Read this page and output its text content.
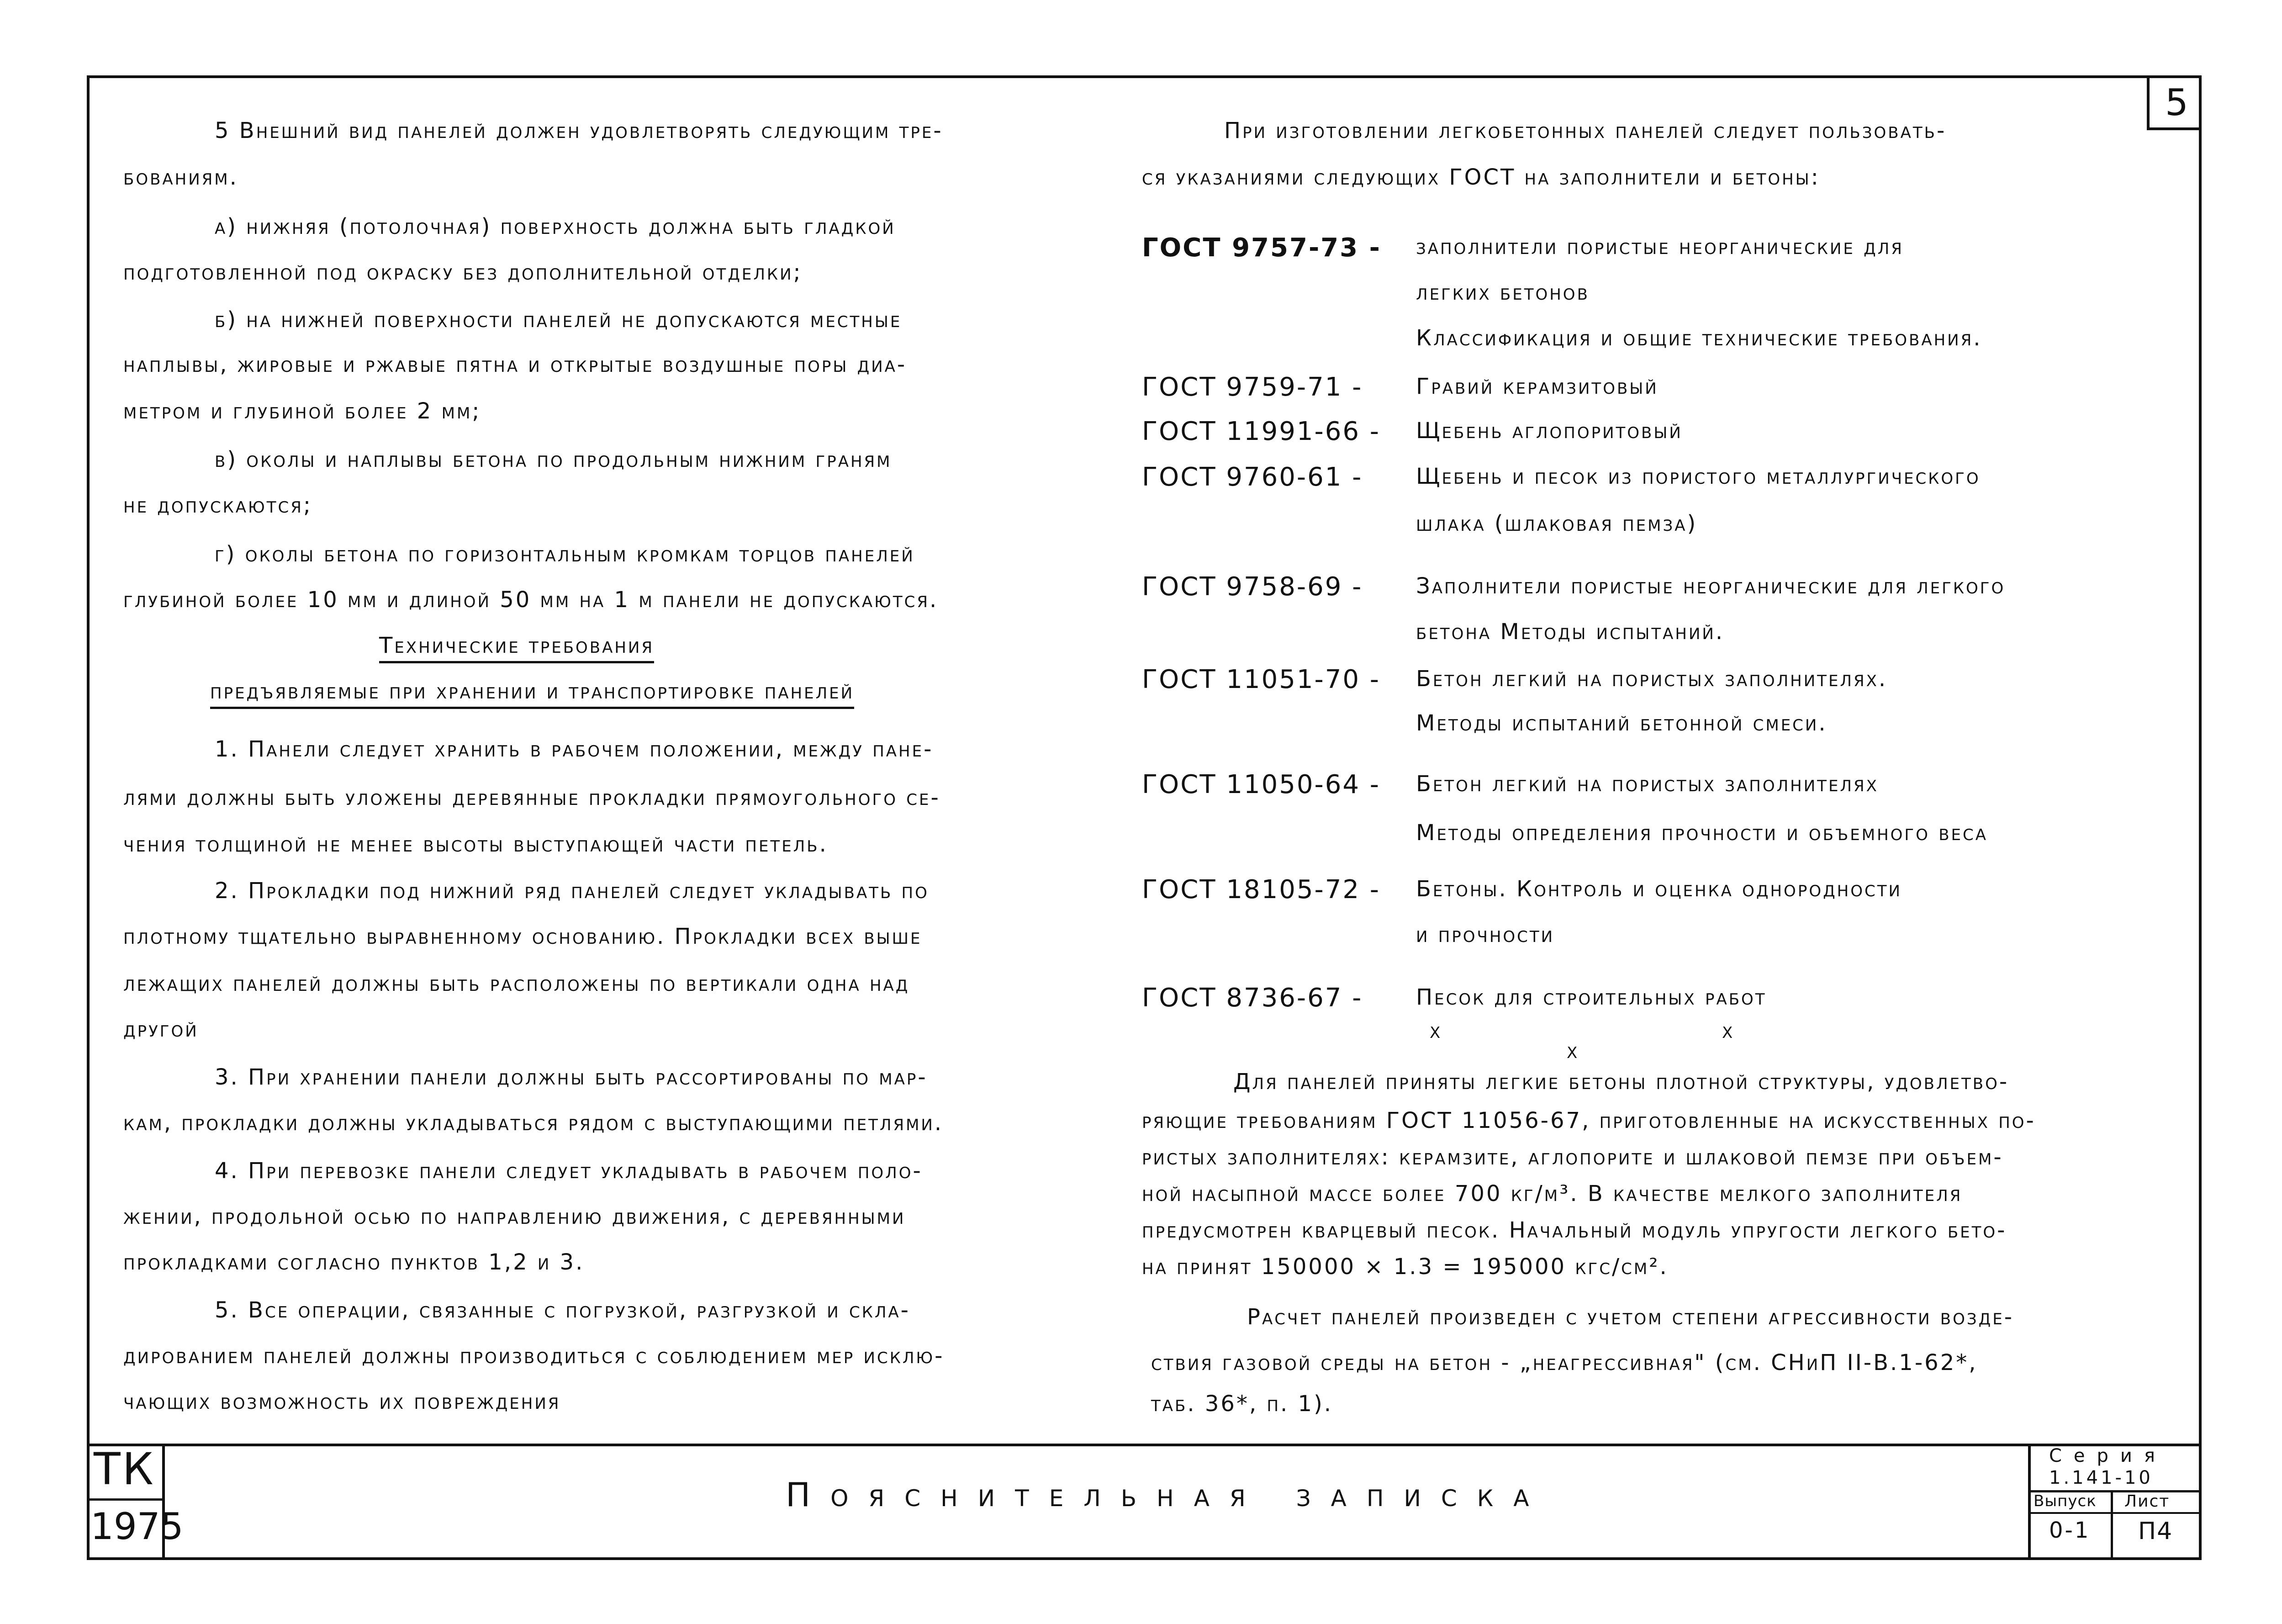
5
5 Внешний вид панелей должен удовлетворять следующим тре-
бованиям.
а) нижняя (потолочная) поверхность должна быть гладкой
подготовленной под окраску без дополнительной отделки;
б) на нижней поверхности панелей не допускаются местные
наплывы, жировые и ржавые пятна и открытые воздушные поры диа-
метром и глубиной более 2 мм;
в) околы и наплывы бетона по продольным нижним граням
не допускаются;
г) околы бетона по горизонтальным кромкам торцов панелей
глубиной более 10 мм и длиной 50 мм на 1 м панели не допускаются.
Технические требования
предъявляемые при хранении и транспортировке панелей
1. Панели следует хранить в рабочем положении, между пане-
лями должны быть уложены деревянные прокладки прямоугольного се-
чения толщиной не менее высоты выступающей части петель.
2. Прокладки под нижний ряд панелей следует укладывать по
плотному тщательно выравненному основанию. Прокладки всех выше
лежащих панелей должны быть расположены по вертикали одна над
другой
3. При хранении панели должны быть рассортированы по мар-
кам, прокладки должны укладываться рядом с выступающими петлями.
4. При перевозке панели следует укладывать в рабочем поло-
жении, продольной осью по направлению движения, с деревянными
прокладками согласно пунктов 1,2 и 3.
5. Все операции, связанные с погрузкой, разгрузкой и скла-
дированием панелей должны производиться с соблюдением мер исклю-
чающих возможность их повреждения
При изготовлении легкобетонных панелей следует пользовать-
ся указаниями следующих ГОСТ на заполнители и бетоны:
ГОСТ 9757-73 - заполнители пористые неорганические для
легких бетонов
Классификация и общие технические требования.
ГОСТ 9759-71 - Гравий керамзитовый
ГОСТ 11991-66 - Щебень аглопоритовый
ГОСТ 9760-61 - Щебень и песок из пористого металлургического
шлака (шлаковая пемза)
ГОСТ 9758-69 - Заполнители пористые неорганические для легкого
бетона Методы испытаний.
ГОСТ 11051-70 - Бетон легкий на пористых заполнителях.
Методы испытаний бетонной смеси.
ГОСТ 11050-64 - Бетон легкий на пористых заполнителях
Методы определения прочности и объемного веса
ГОСТ 18105-72 - Бетоны. Контроль и оценка однородности
и прочности
ГОСТ 8736-67 - Песок для строительных работ
x
x
x
Для панелей приняты легкие бетоны плотной структуры, удовлетво-
ряющие требованиям ГОСТ 11056-67, приготовленные на искусственных по-
ристых заполнителях: керамзите, аглопорите и шлаковой пемзе при объем-
ной насыпной массе более 700 кг/м³. В качестве мелкого заполнителя
предусмотрен кварцевый песок. Начальный модуль упругости легкого бето-
на принят 150000 × 1.3 = 195000 кгс/см².
Расчет панелей произведен с учетом степени агрессивности возде-
ствия газовой среды на бетон - „неагрессивная" (см. СНиП II-В.1-62*,
таб. 36*, п. 1).
ТК
1975
Пояснительная записка
Серия
1.141-10
Выпуск Лист
0-1 П4
